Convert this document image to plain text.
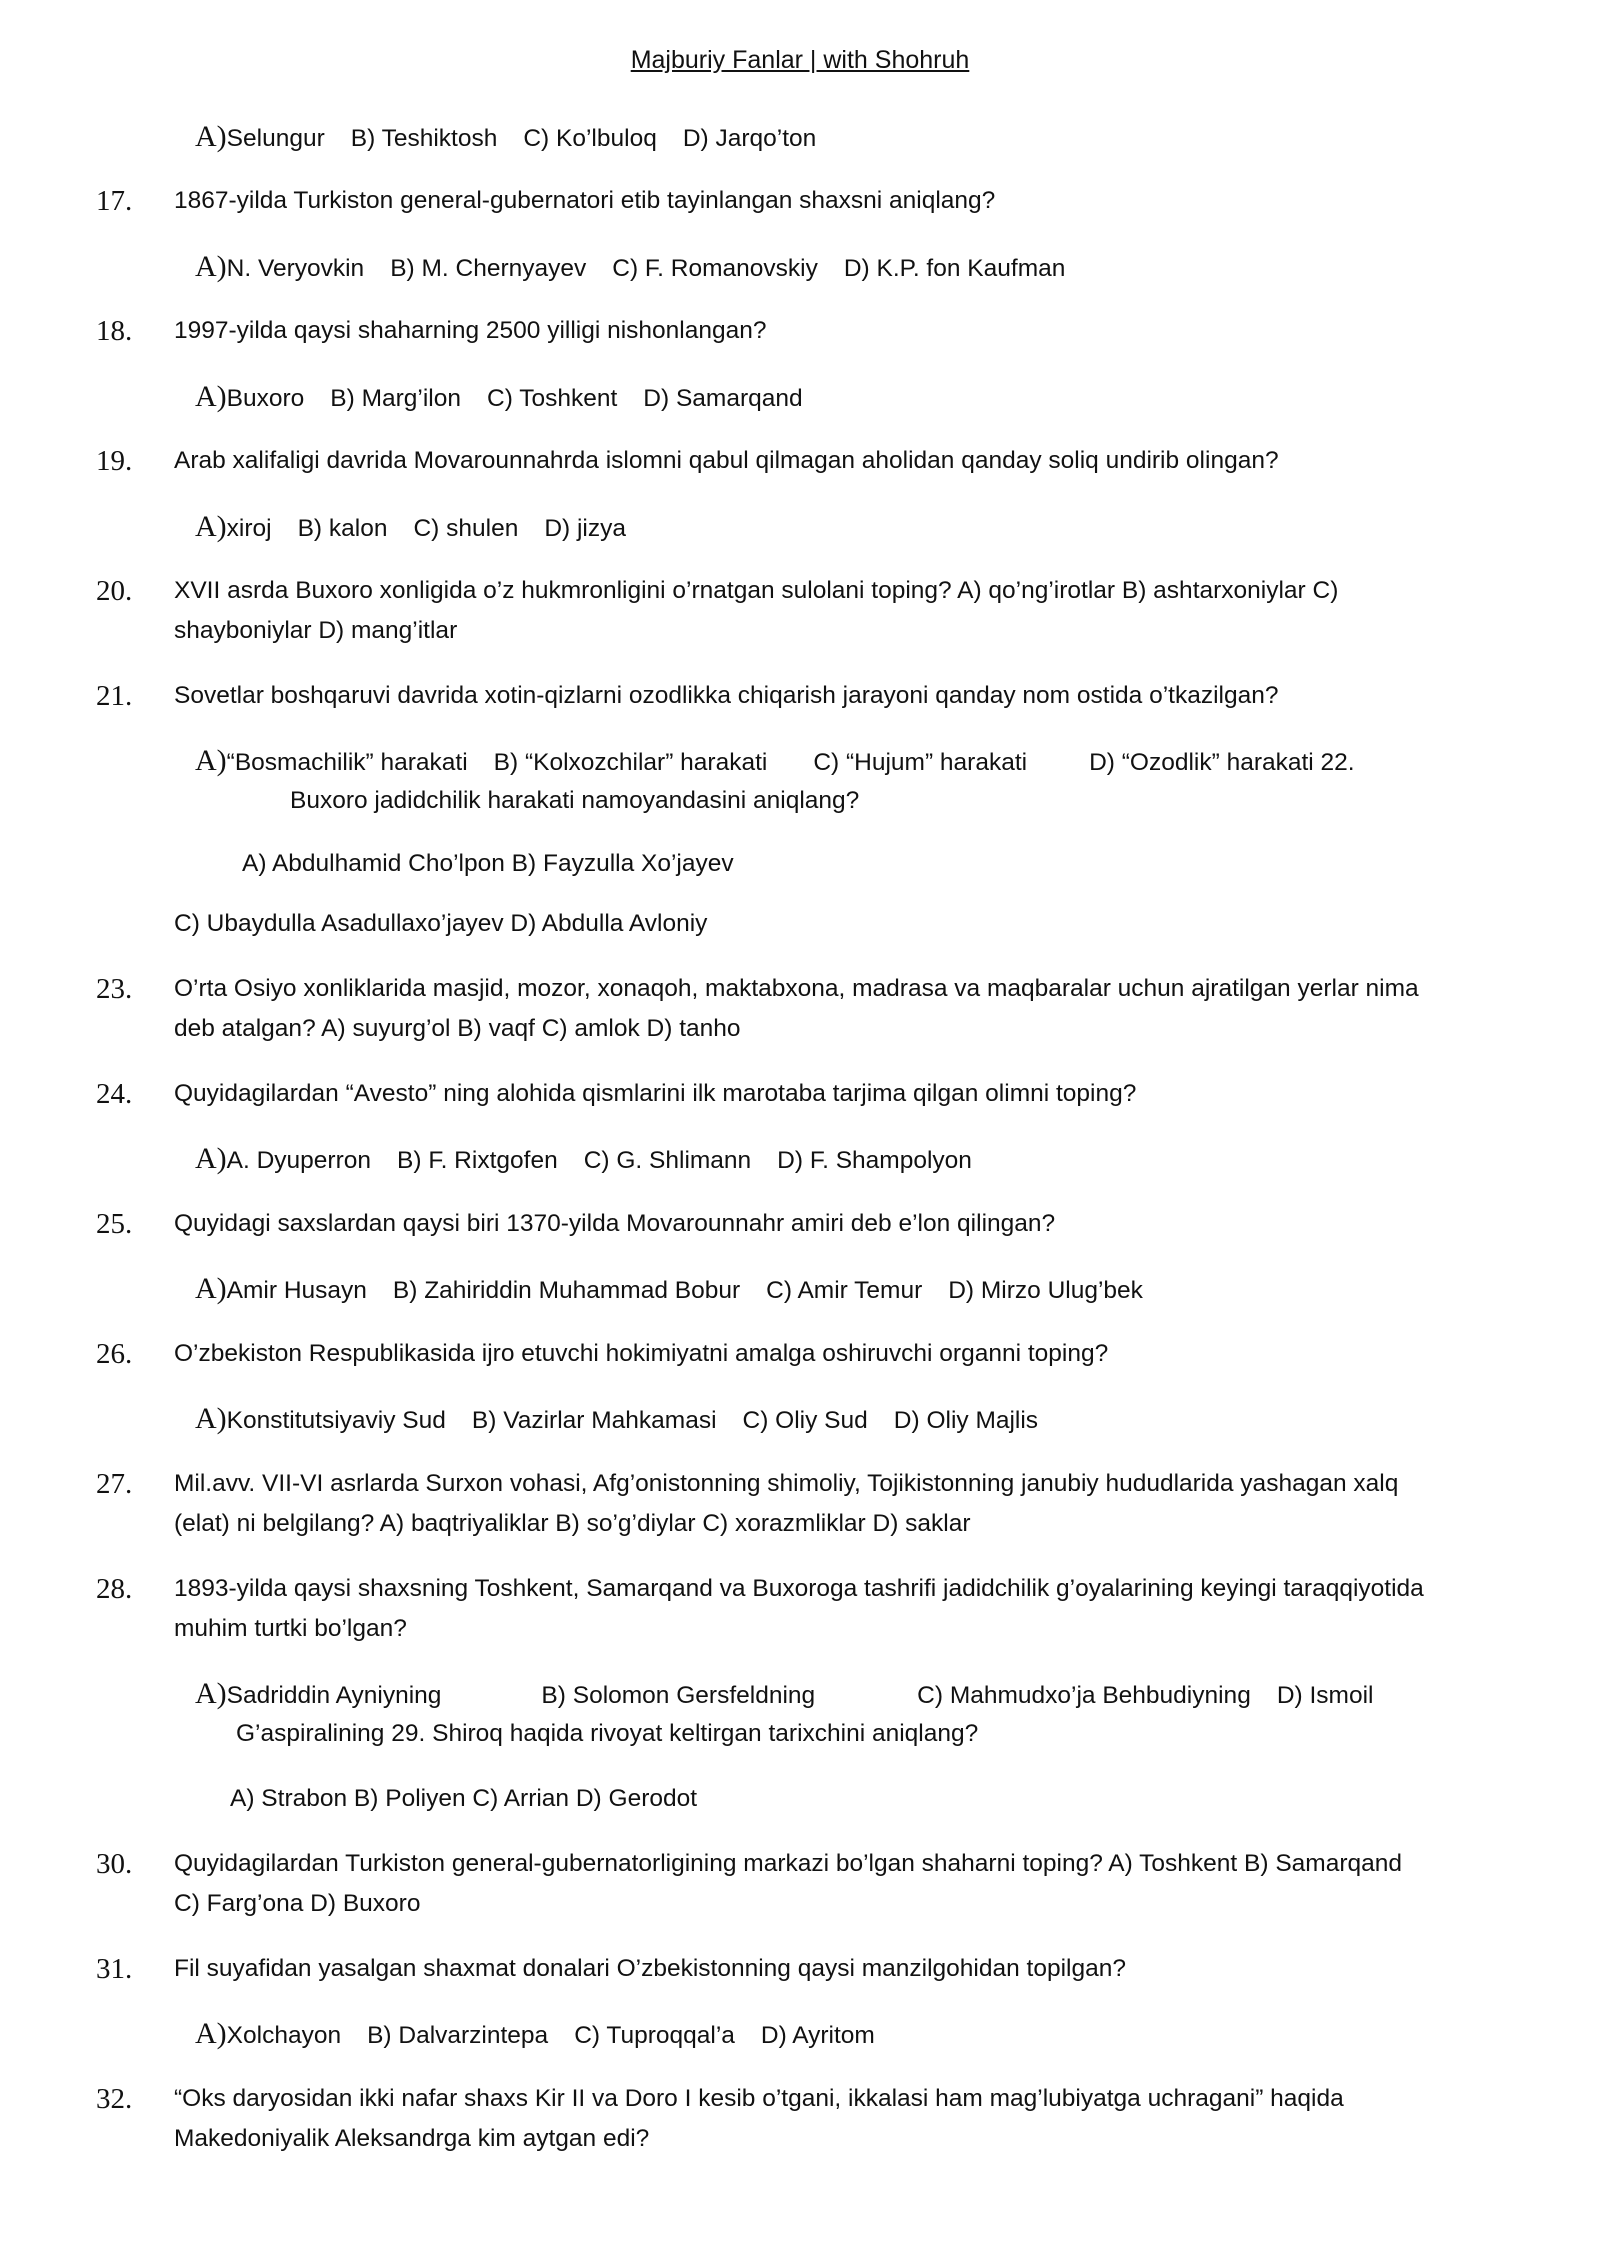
Majburiy Fanlar | with Shohruh
A)Selungur B) Teshiktosh C) Ko’lbuloq D) Jarqo’ton
17. 1867-yilda Turkiston general-gubernatori etib tayinlangan shaxsni aniqlang?
A)N. Veryovkin B) M. Chernyayev C) F. Romanovskiy D) K.P. fon Kaufman
18. 1997-yilda qaysi shaharning 2500 yilligi nishonlangan?
A)Buxoro B) Marg’ilon C) Toshkent D) Samarqand
19. Arab xalifaligi davrida Movarounnahrda islomni qabul qilmagan aholidan qanday soliq undirib olingan?
A)xiroj B) kalon C) shulen D) jizya
20. XVII asrda Buxoro xonligida o’z hukmronligini o’rnatgan sulolani toping? A) qo’ng’irotlar B) ashtarxoniylar C)
shayboniylar D) mang’itlar
21. Sovetlar boshqaruvi davrida xotin-qizlarni ozodlikka chiqarish jarayoni qanday nom ostida o’tkazilgan?
A)“Bosmachilik” harakati B) “Kolxozchilar” harakati C) “Hujum” harakati	D) “Ozodlik” harakati 22.
Buxoro jadidchilik harakati namoyandasini aniqlang?
A) Abdulhamid Cho’lpon B) Fayzulla Xo’jayev
C) Ubaydulla Asadullaxo’jayev D) Abdulla Avloniy
23. O’rta Osiyo xonliklarida masjid, mozor, xonaqoh, maktabxona, madrasa va maqbaralar uchun ajratilgan yerlar nima
deb atalgan? A) suyurg’ol B) vaqf C) amlok D) tanho
24. Quyidagilardan “Avesto” ning alohida qismlarini ilk marotaba tarjima qilgan olimni toping?
A)A. Dyuperron B) F. Rixtgofen C) G. Shlimann D) F. Shampolyon
25. Quyidagi saxslardan qaysi biri 1370-yilda Movarounnahr amiri deb e’lon qilingan?
A)Amir Husayn B) Zahiriddin Muhammad Bobur C) Amir Temur D) Mirzo Ulug’bek
26. O’zbekiston Respublikasida ijro etuvchi hokimiyatni amalga oshiruvchi organni toping?
A)Konstitutsiyaviy Sud B) Vazirlar Mahkamasi C) Oliy Sud D) Oliy Majlis
27. Mil.avv. VII-VI asrlarda Surxon vohasi, Afg’onistonning shimoliy, Tojikistonning janubiy hududlarida yashagan xalq
(elat) ni belgilang? A) baqtriyaliklar B) so’g’diylar C) xorazmliklar D) saklar
28. 1893-yilda qaysi shaxsning Toshkent, Samarqand va Buxoroga tashrifi jadidchilik g’oyalarining keyingi taraqqiyotida
muhim turtki bo’lgan?
A)Sadriddin Ayniyning	B) Solomon Gersfeldning	C) Mahmudxo’ja Behbudiyning D) Ismoil
G’aspiralining 29. Shiroq haqida rivoyat keltirgan tarixchini aniqlang?
A) Strabon B) Poliyen C) Arrian D) Gerodot
30. Quyidagilardan Turkiston general-gubernatorligining markazi bo’lgan shaharni toping? A) Toshkent B) Samarqand
C) Farg’ona D) Buxoro
31. Fil suyafidan yasalgan shaxmat donalari O’zbekistonning qaysi manzilgohidan topilgan?
A)Xolchayon B) Dalvarzintepa C) Tuproqqal’a D) Ayritom
32. “Oks daryosidan ikki nafar shaxs Kir II va Doro I kesib o’tgani, ikkalasi ham mag’lubiyatga uchragani” haqida
Makedoniyalik Aleksandrga kim aytgan edi?
